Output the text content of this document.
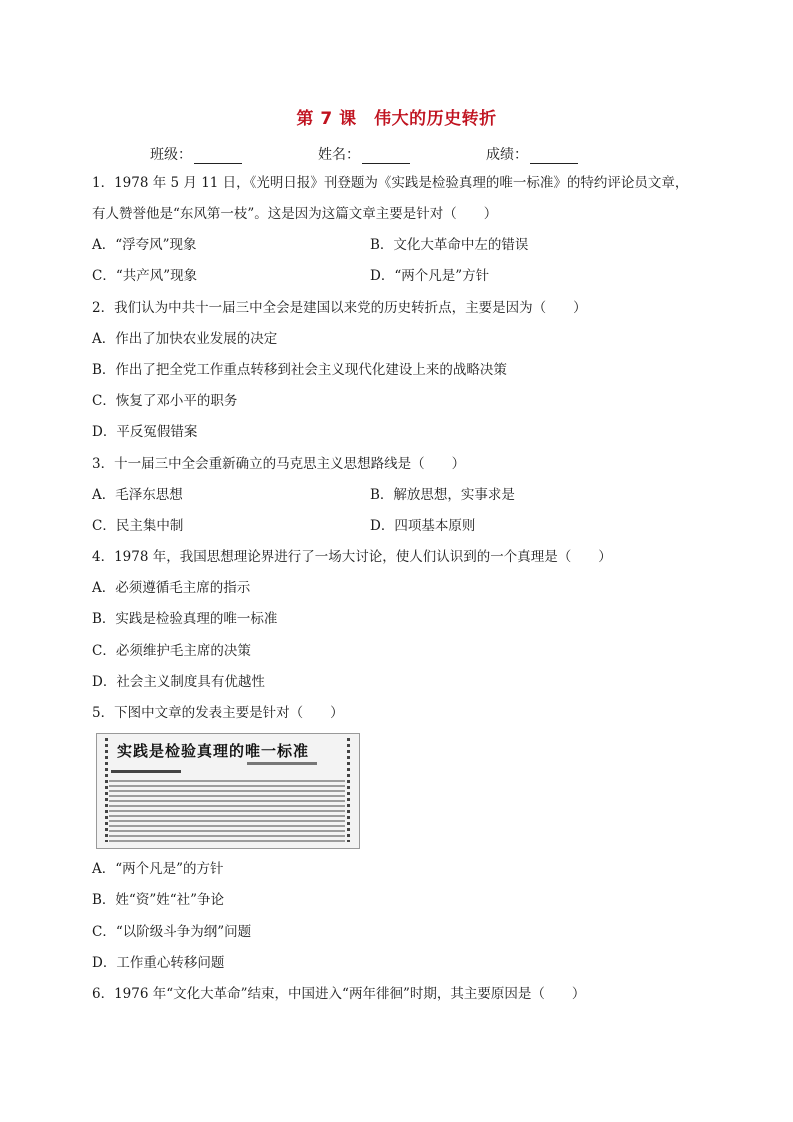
第 7 课　伟大的历史转折
班级：	姓名：	成绩：
1．1978 年 5 月 11 日，《光明日报》刊登题为《实践是检验真理的唯一标准》的特约评论员文章，
有人赞誉他是“东风第一枝”。这是因为这篇文章主要是针对（　　）
A．“浮夸风”现象	B．文化大革命中左的错误
C．“共产风”现象	D．“两个凡是”方针
2．我们认为中共十一届三中全会是建国以来党的历史转折点，主要是因为（　　）
A．作出了加快农业发展的决定
B．作出了把全党工作重点转移到社会主义现代化建设上来的战略决策
C．恢复了邓小平的职务
D．平反冤假错案
3．十一届三中全会重新确立的马克思主义思想路线是（　　）
A．毛泽东思想	B．解放思想，实事求是
C．民主集中制	D．四项基本原则
4．1978 年，我国思想理论界进行了一场大讨论，使人们认识到的一个真理是（　　）
A．必须遵循毛主席的指示
B．实践是检验真理的唯一标准
C．必须维护毛主席的决策
D．社会主义制度具有优越性
5．下图中文章的发表主要是针对（　　）
实践是检验真理的唯一标准
A．“两个凡是”的方针
B．姓“资”姓“社”争论
C．“以阶级斗争为纲”问题
D．工作重心转移问题
6．1976 年“文化大革命”结束，中国进入“两年徘徊”时期，其主要原因是（　　）
